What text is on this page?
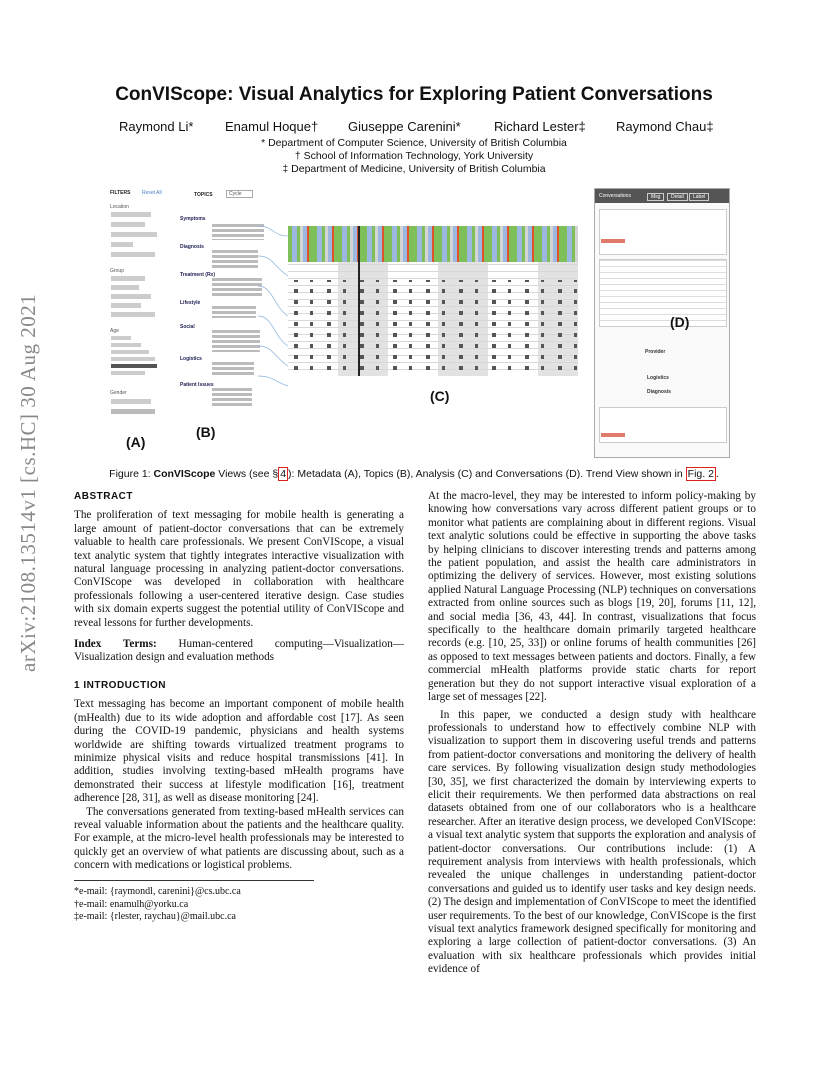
ConVIScope: Visual Analytics for Exploring Patient Conversations
Raymond Li* Enamul Hoque† Giuseppe Carenini*	Richard Lester‡ Raymond Chau‡
* Department of Computer Science, University of British Columbia
† School of Information Technology, York University
‡ Department of Medicine, University of British Columbia
arXiv:2108.13514v1 [cs.HC] 30 Aug 2021
FILTERS Reset All
Location
Group
Age
Gender
(A)
TOPICS	Cycle
Symptoms
Diagnosis
Treatment (Rx)
Lifestyle
Social
Logistics
Patient Issues
(B)
(C)
Conversations	Msg	Detail	Label
Provider
Logistics
Diagnosis
(D)
Figure 1: ConVIScope Views (see § 4 ): Metadata (A), Topics (B), Analysis (C) and Conversations (D). Trend View shown in Fig. 2 .
ABSTRACT

The proliferation of text messaging for mobile health is generating a large amount of patient-doctor conversations that can be extremely valuable to health care professionals. We present ConVIScope, a visual text analytic system that tightly integrates interactive visualization with natural language processing in analyzing patient-doctor conversations. ConVIScope was developed in collaboration with healthcare professionals following a user-centered iterative design. Case studies with six domain experts suggest the potential utility of ConVIScope and reveal lessons for further developments.

Index Terms: Human-centered computing—Visualization—Visualization design and evaluation methods

1 INTRODUCTION

Text messaging has become an important component of mobile health (mHealth) due to its wide adoption and affordable cost [17]. As seen during the COVID-19 pandemic, physicians and health systems worldwide are shifting towards virtualized treatment programs to minimize physical visits and reduce hospital transmissions [41]. In addition, studies involving texting-based mHealth programs have demonstrated their success at lifestyle modification [16], treatment adherence [28, 31], as well as disease monitoring [24].

The conversations generated from texting-based mHealth services can reveal valuable information about the patients and the healthcare quality. For example, at the micro-level health professionals may be interested to quickly get an overview of what patients are discussing about, such as a concern with medications or logistical problems.

*e-mail: {raymondl, carenini}@cs.ubc.ca
†e-mail: enamulh@yorku.ca
‡e-mail: {rlester, raychau}@mail.ubc.ca

At the macro-level, they may be interested to inform policy-making by knowing how conversations vary across different patient groups or to monitor what patients are complaining about in different regions. Visual text analytic solutions could be effective in supporting the above tasks by helping clinicians to discover interesting trends and patterns among the patient population, and assist the health care administrators in optimizing the delivery of services. However, most existing solutions applied Natural Language Processing (NLP) techniques on conversations extracted from online sources such as blogs [19, 20], forums [11, 12], and social media [36, 43, 44]. In contrast, visualizations that focus specifically to the healthcare domain primarily targeted healthcare records (e.g. [10, 25, 33]) or online forums of health communities [26] as opposed to text messages between patients and doctors. Finally, a few commercial mHealth platforms provide static charts for report generation but they do not support interactive visual exploration of a large set of messages [22].

In this paper, we conducted a design study with healthcare professionals to understand how to effectively combine NLP with visualization to support them in discovering useful trends and patterns from patient-doctor conversations and monitoring the delivery of health care services. By following visualization design study methodologies [30, 35], we first characterized the domain by interviewing experts to elicit their requirements. We then performed data abstractions on real datasets obtained from one of our collaborators who is a healthcare researcher. After an iterative design process, we developed ConVIScope: a visual text analytic system that supports the exploration and analysis of patient-doctor conversations. Our contributions include: (1) A requirement analysis from interviews with health professionals, which revealed the unique challenges in understanding patient-doctor conversations and guided us to identify user tasks and key design needs. (2) The design and implementation of ConVIScope to meet the identified user requirements. To the best of our knowledge, ConVIScope is the first visual text analytics framework designed specifically for monitoring and exploring a large collection of patient-doctor conversations. (3) An evaluation with six healthcare professionals which provides initial evidence of
